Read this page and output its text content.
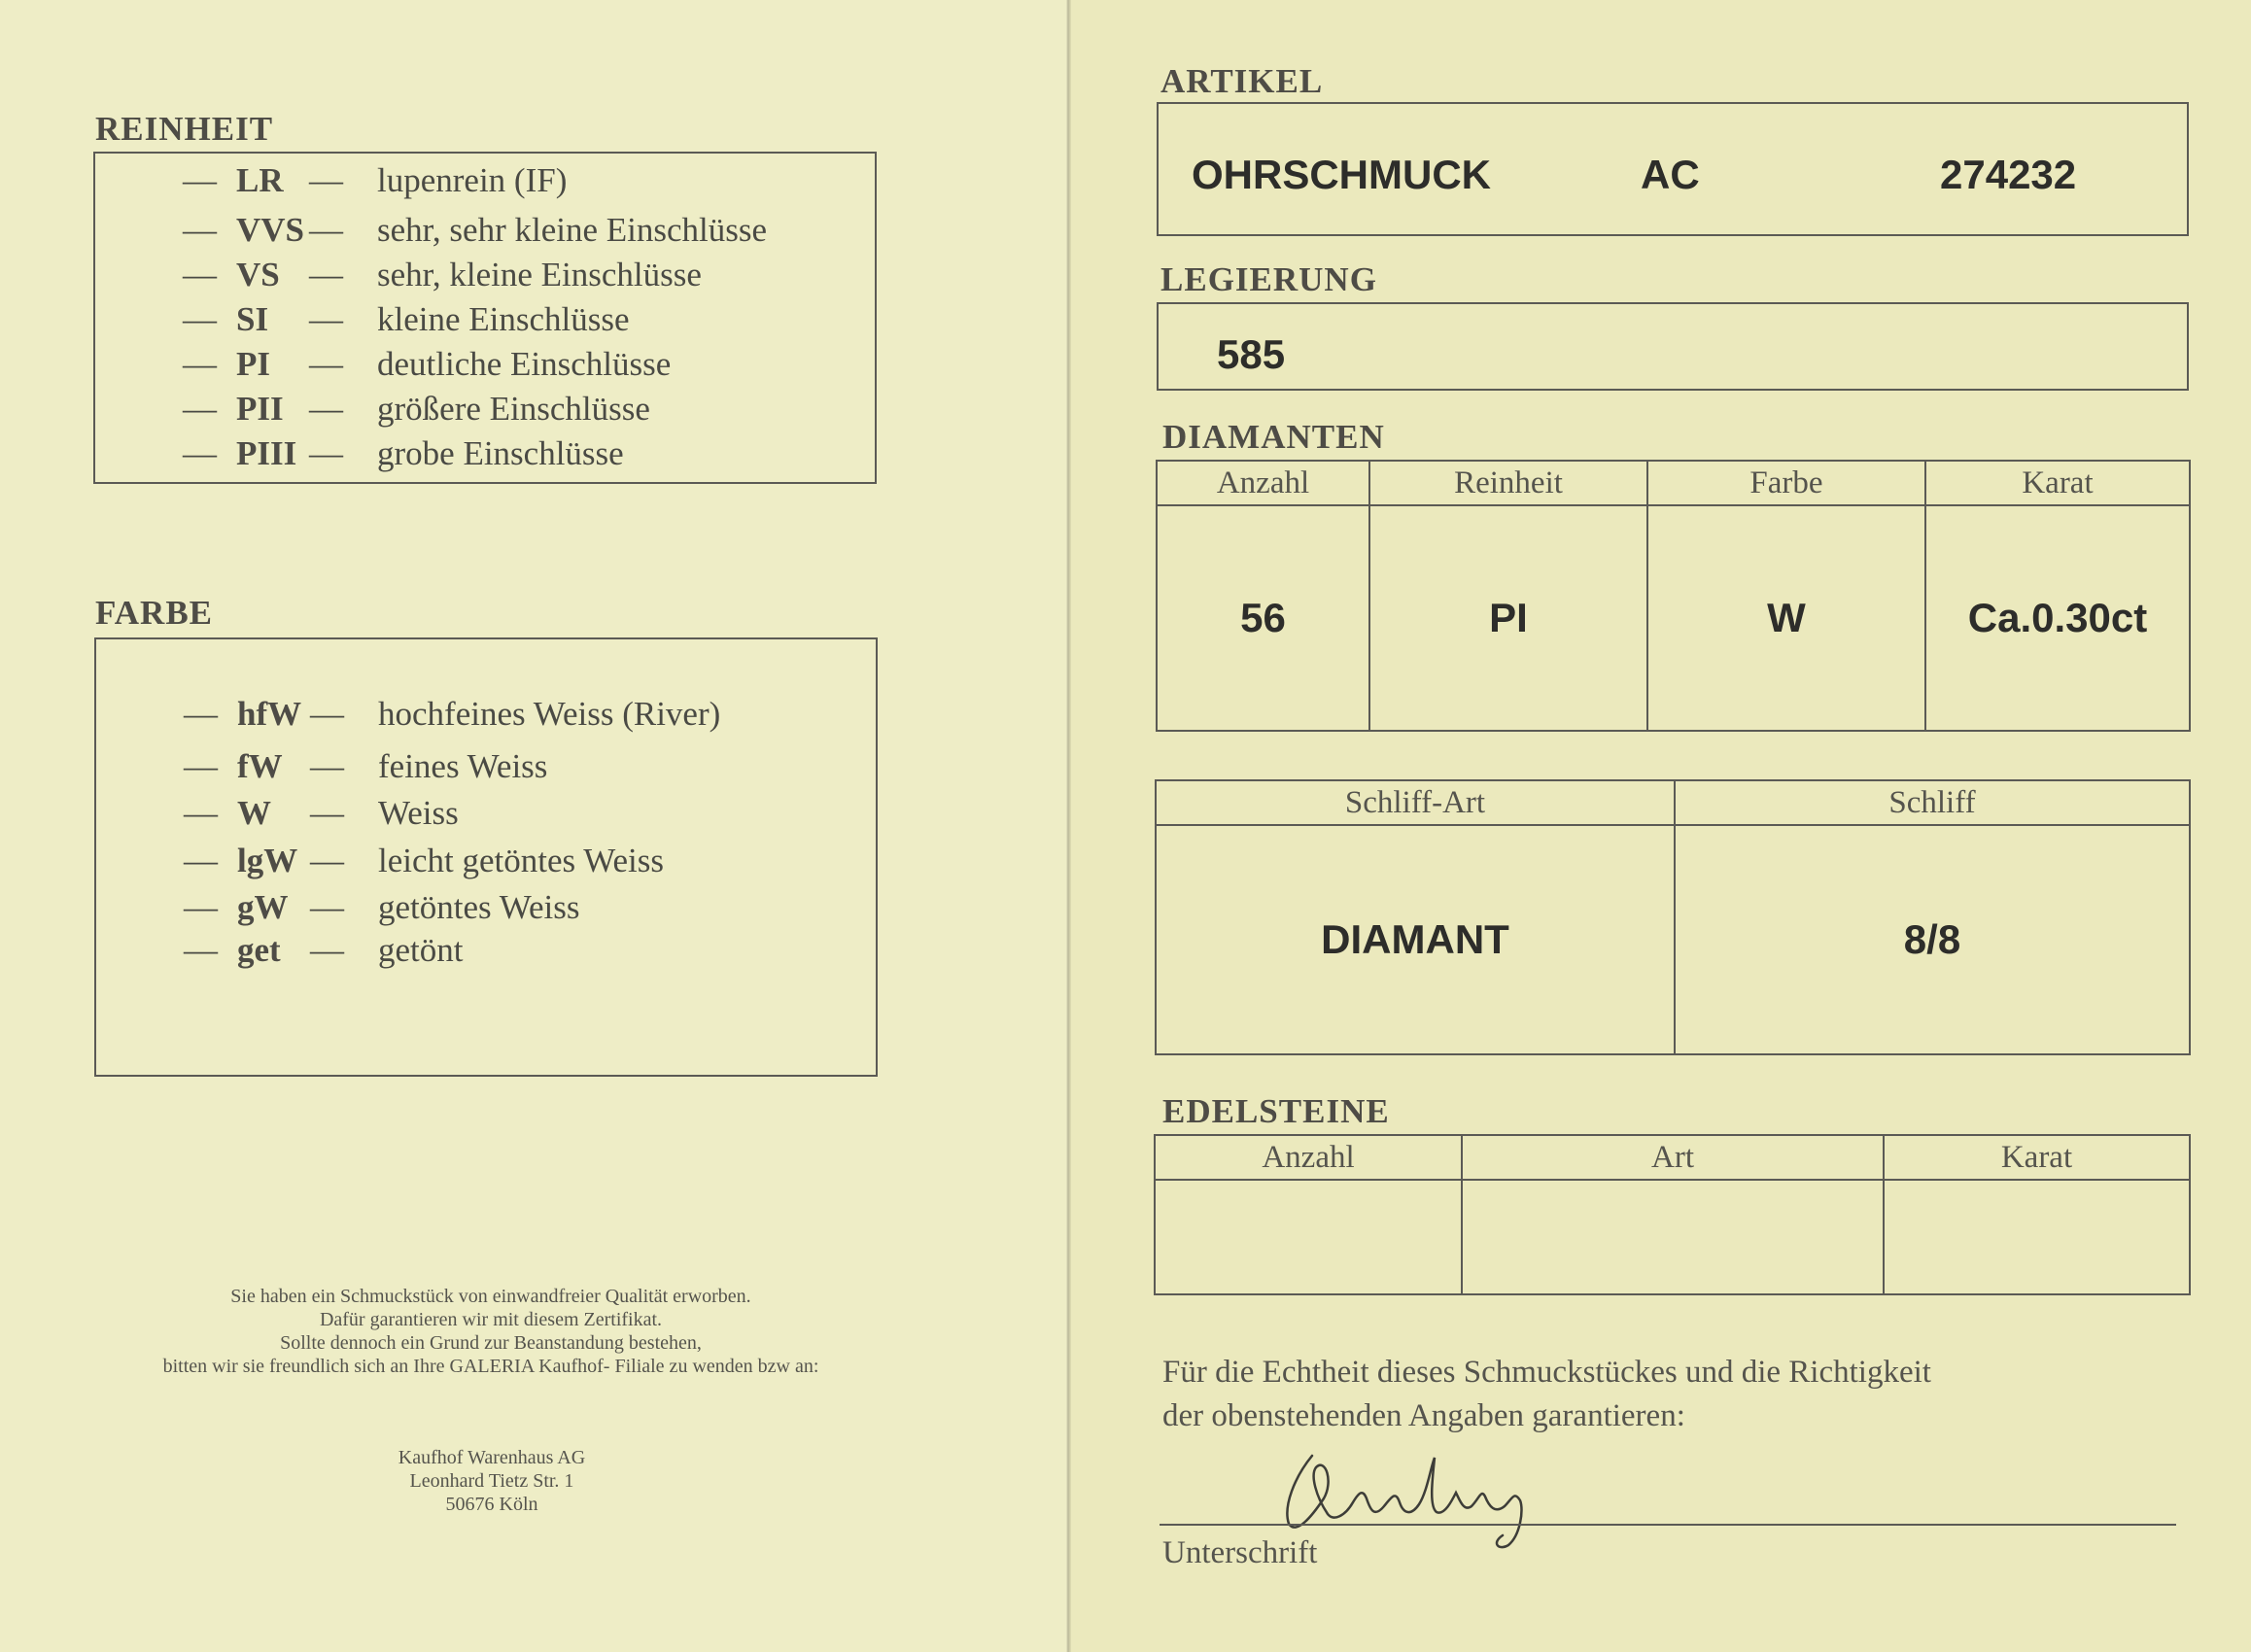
REINHEIT
— LR — lupenrein (IF)
— VVS — sehr, sehr kleine Einschlüsse
— VS — sehr, kleine Einschlüsse
— SI — kleine Einschlüsse
— PI — deutliche Einschlüsse
— PII — größere Einschlüsse
— PIII — grobe Einschlüsse
FARBE
— hfW — hochfeines Weiss (River)
— fW — feines Weiss
— W — Weiss
— lgW — leicht getöntes Weiss
— gW — getöntes Weiss
— get — getönt
Sie haben ein Schmuckstück von einwandfreier Qualität erworben.
Dafür garantieren wir mit diesem Zertifikat.
Sollte dennoch ein Grund zur Beanstandung bestehen,
bitten wir sie freundlich sich an Ihre GALERIA Kaufhof- Filiale zu wenden bzw an:
Kaufhof Warenhaus AG
Leonhard Tietz Str. 1
50676 Köln
ARTIKEL
OHRSCHMUCK	AC	274232
LEGIERUNG
585
DIAMANTEN
Anzahl	Reinheit	Farbe	Karat
56	PI	W	Ca.0.30ct
Schliff-Art	Schliff
DIAMANT	8/8
EDELSTEINE
Anzahl	Art	Karat

Für die Echtheit dieses Schmuckstückes und die Richtigkeit
der obenstehenden Angaben garantieren:
Unterschrift
